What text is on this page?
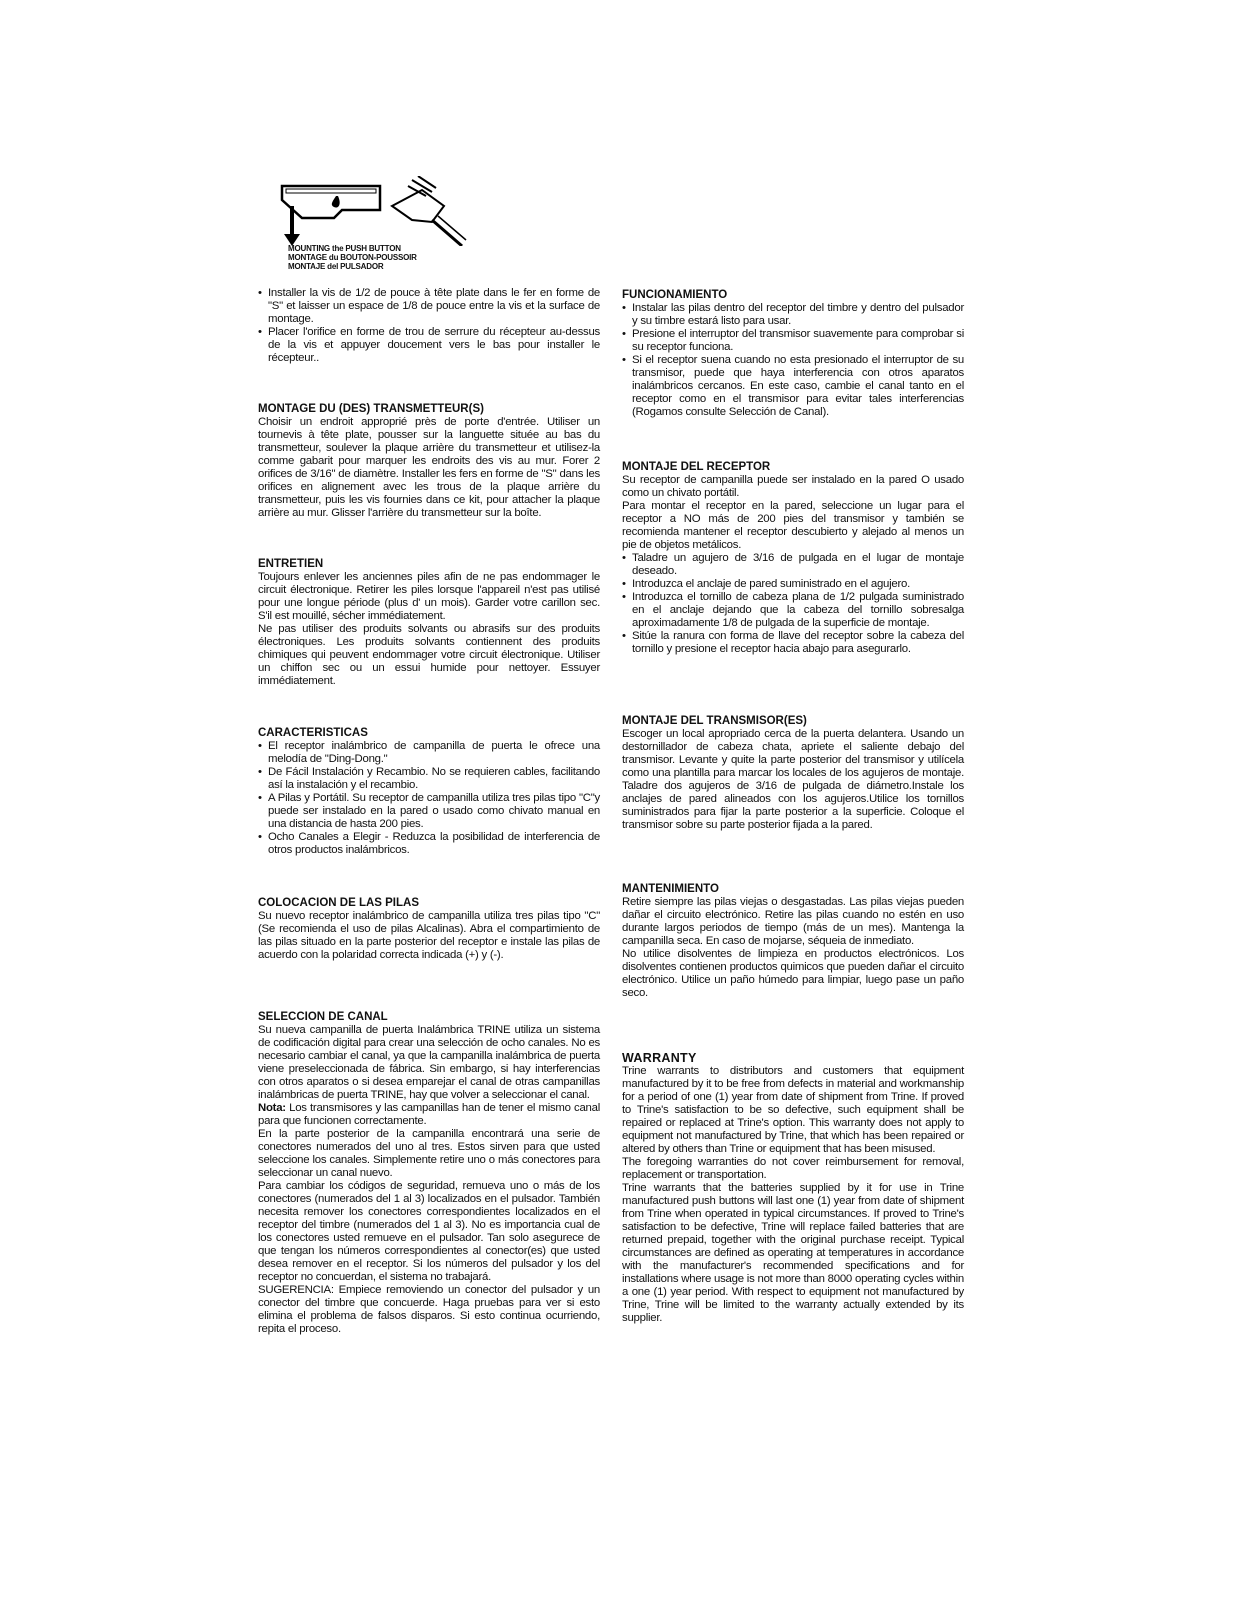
MOUNTING the PUSH BUTTON
MONTAGE du BOUTON-POUSSOIR
MONTAJE del PULSADOR
• Installer la vis de 1/2 de pouce à tête plate dans le fer en forme de "S" et laisser un espace de 1/8 de pouce entre la vis et la surface de montage.
• Placer l'orifice en forme de trou de serrure du récepteur au-dessus de la vis et appuyer doucement vers le bas pour installer le récepteur..
MONTAGE DU (DES) TRANSMETTEUR(S)

Choisir un endroit approprié près de porte d'entrée. Utiliser un tournevis à tête plate, pousser sur la languette située au bas du transmetteur, soulever la plaque arrière du transmetteur et utilisez-la comme gabarit pour marquer les endroits des vis au mur. Forer 2 orifices de 3/16" de diamètre. Installer les fers en forme de "S" dans les orifices en alignement avec les trous de la plaque arrière du transmetteur, puis les vis fournies dans ce kit, pour attacher la plaque arrière au mur. Glisser l'arrière du transmetteur sur la boîte.

ENTRETIEN

Toujours enlever les anciennes piles afin de ne pas endommager le circuit électronique. Retirer les piles lorsque l'appareil n'est pas utilisé pour une longue période (plus d' un mois). Garder votre carillon sec. S'il est mouillé, sécher immédiatement.

Ne pas utiliser des produits solvants ou abrasifs sur des produits électroniques. Les produits solvants contiennent des produits chimiques qui peuvent endommager votre circuit électronique. Utiliser un chiffon sec ou un essui humide pour nettoyer. Essuyer immédiatement.

CARACTERISTICAS
• El receptor inalámbrico de campanilla de puerta le ofrece una melodía de "Ding-Dong."
• De Fácil Instalación y Recambio. No se requieren cables, facilitando así la instalación y el recambio.
• A Pilas y Portátil. Su receptor de campanilla utiliza tres pilas tipo "C"y puede ser instalado en la pared o usado como chivato manual en una distancia de hasta 200 pies.
• Ocho Canales a Elegir - Reduzca la posibilidad de interferencia de otros productos inalámbricos.
COLOCACION DE LAS PILAS

Su nuevo receptor inalámbrico de campanilla utiliza tres pilas tipo "C" (Se recomienda el uso de pilas Alcalinas). Abra el compartimiento de las pilas situado en la parte posterior del receptor e instale las pilas de acuerdo con la polaridad correcta indicada (+) y (-).

SELECCION DE CANAL

Su nueva campanilla de puerta Inalámbrica TRINE utiliza un sistema de codificación digital para crear una selección de ocho canales. No es necesario cambiar el canal, ya que la campanilla inalámbrica de puerta viene preseleccionada de fábrica. Sin embargo, si hay interferencias con otros aparatos o si desea emparejar el canal de otras campanillas inalámbricas de puerta TRINE, hay que volver a seleccionar el canal.

Nota: Los transmisores y las campanillas han de tener el mismo canal para que funcionen correctamente.

En la parte posterior de la campanilla encontrará una serie de conectores numerados del uno al tres. Estos sirven para que usted seleccione los canales. Simplemente retire uno o más conectores para seleccionar un canal nuevo.

Para cambiar los códigos de seguridad, remueva uno o más de los conectores (numerados del 1 al 3) localizados en el pulsador. También necesita remover los conectores correspondientes localizados en el receptor del timbre (numerados del 1 al 3). No es importancia cual de los conectores usted remueve en el pulsador. Tan solo asegurece de que tengan los números correspondientes al conector(es) que usted desea remover en el receptor. Si los números del pulsador y los del receptor no concuerdan, el sistema no trabajará.

SUGERENCIA: Empiece removiendo un conector del pulsador y un conector del timbre que concuerde. Haga pruebas para ver si esto elimina el problema de falsos disparos. Si esto continua ocurriendo, repita el proceso.

FUNCIONAMIENTO
• Instalar las pilas dentro del receptor del timbre y dentro del pulsador y su timbre estará listo para usar.
• Presione el interruptor del transmisor suavemente para comprobar si su receptor funciona.
• Si el receptor suena cuando no esta presionado el interruptor de su transmisor, puede que haya interferencia con otros aparatos inalámbricos cercanos. En este caso, cambie el canal tanto en el receptor como en el transmisor para evitar tales interferencias (Rogamos consulte Selección de Canal).
MONTAJE DEL RECEPTOR

Su receptor de campanilla puede ser instalado en la pared O usado como un chivato portátil.

Para montar el receptor en la pared, seleccione un lugar para el receptor a NO más de 200 pies del transmisor y también se recomienda mantener el receptor descubierto y alejado al menos un pie de objetos metálicos.

• Taladre un agujero de 3/16 de pulgada en el lugar de montaje deseado.
• Introduzca el anclaje de pared suministrado en el agujero.
• Introduzca el tornillo de cabeza plana de 1/2 pulgada suministrado en el anclaje dejando que la cabeza del tornillo sobresalga aproximadamente 1/8 de pulgada de la superficie de montaje.
• Sitúe la ranura con forma de llave del receptor sobre la cabeza del tornillo y presione el receptor hacia abajo para asegurarlo.
MONTAJE DEL TRANSMISOR(ES)

Escoger un local apropriado cerca de la puerta delantera. Usando un destornillador de cabeza chata, apriete el saliente debajo del transmisor. Levante y quite la parte posterior del transmisor y utilícela como una plantilla para marcar los locales de los agujeros de montaje. Taladre dos agujeros de 3/16 de pulgada de diámetro.Instale los anclajes de pared alineados con los agujeros.Utilice los tornillos suministrados para fijar la parte posterior a la superficie. Coloque el transmisor sobre su parte posterior fijada a la pared.

MANTENIMIENTO

Retire siempre las pilas viejas o desgastadas. Las pilas viejas pueden dañar el circuito electrónico. Retire las pilas cuando no estén en uso durante largos periodos de tiempo (más de un mes). Mantenga la campanilla seca. En caso de mojarse, séqueia de inmediato.

No utilice disolventes de limpieza en productos electrónicos. Los disolventes contienen productos quimicos que pueden dañar el circuito electrónico. Utilice un paño húmedo para limpiar, luego pase un paño seco.

WARRANTY

Trine warrants to distributors and customers that equipment manufactured by it to be free from defects in material and workmanship for a period of one (1) year from date of shipment from Trine. If proved to Trine's satisfaction to be so defective, such equipment shall be repaired or replaced at Trine's option. This warranty does not apply to equipment not manufactured by Trine, that which has been repaired or altered by others than Trine or equipment that has been misused.

The foregoing warranties do not cover reimbursement for removal, replacement or transportation.

Trine warrants that the batteries supplied by it for use in Trine manufactured push buttons will last one (1) year from date of shipment from Trine when operated in typical circumstances. If proved to Trine's satisfaction to be defective, Trine will replace failed batteries that are returned prepaid, together with the original purchase receipt. Typical circumstances are defined as operating at temperatures in accordance with the manufacturer's recommended specifications and for installations where usage is not more than 8000 operating cycles within a one (1) year period. With respect to equipment not manufactured by Trine, Trine will be limited to the warranty actually extended by its supplier.
